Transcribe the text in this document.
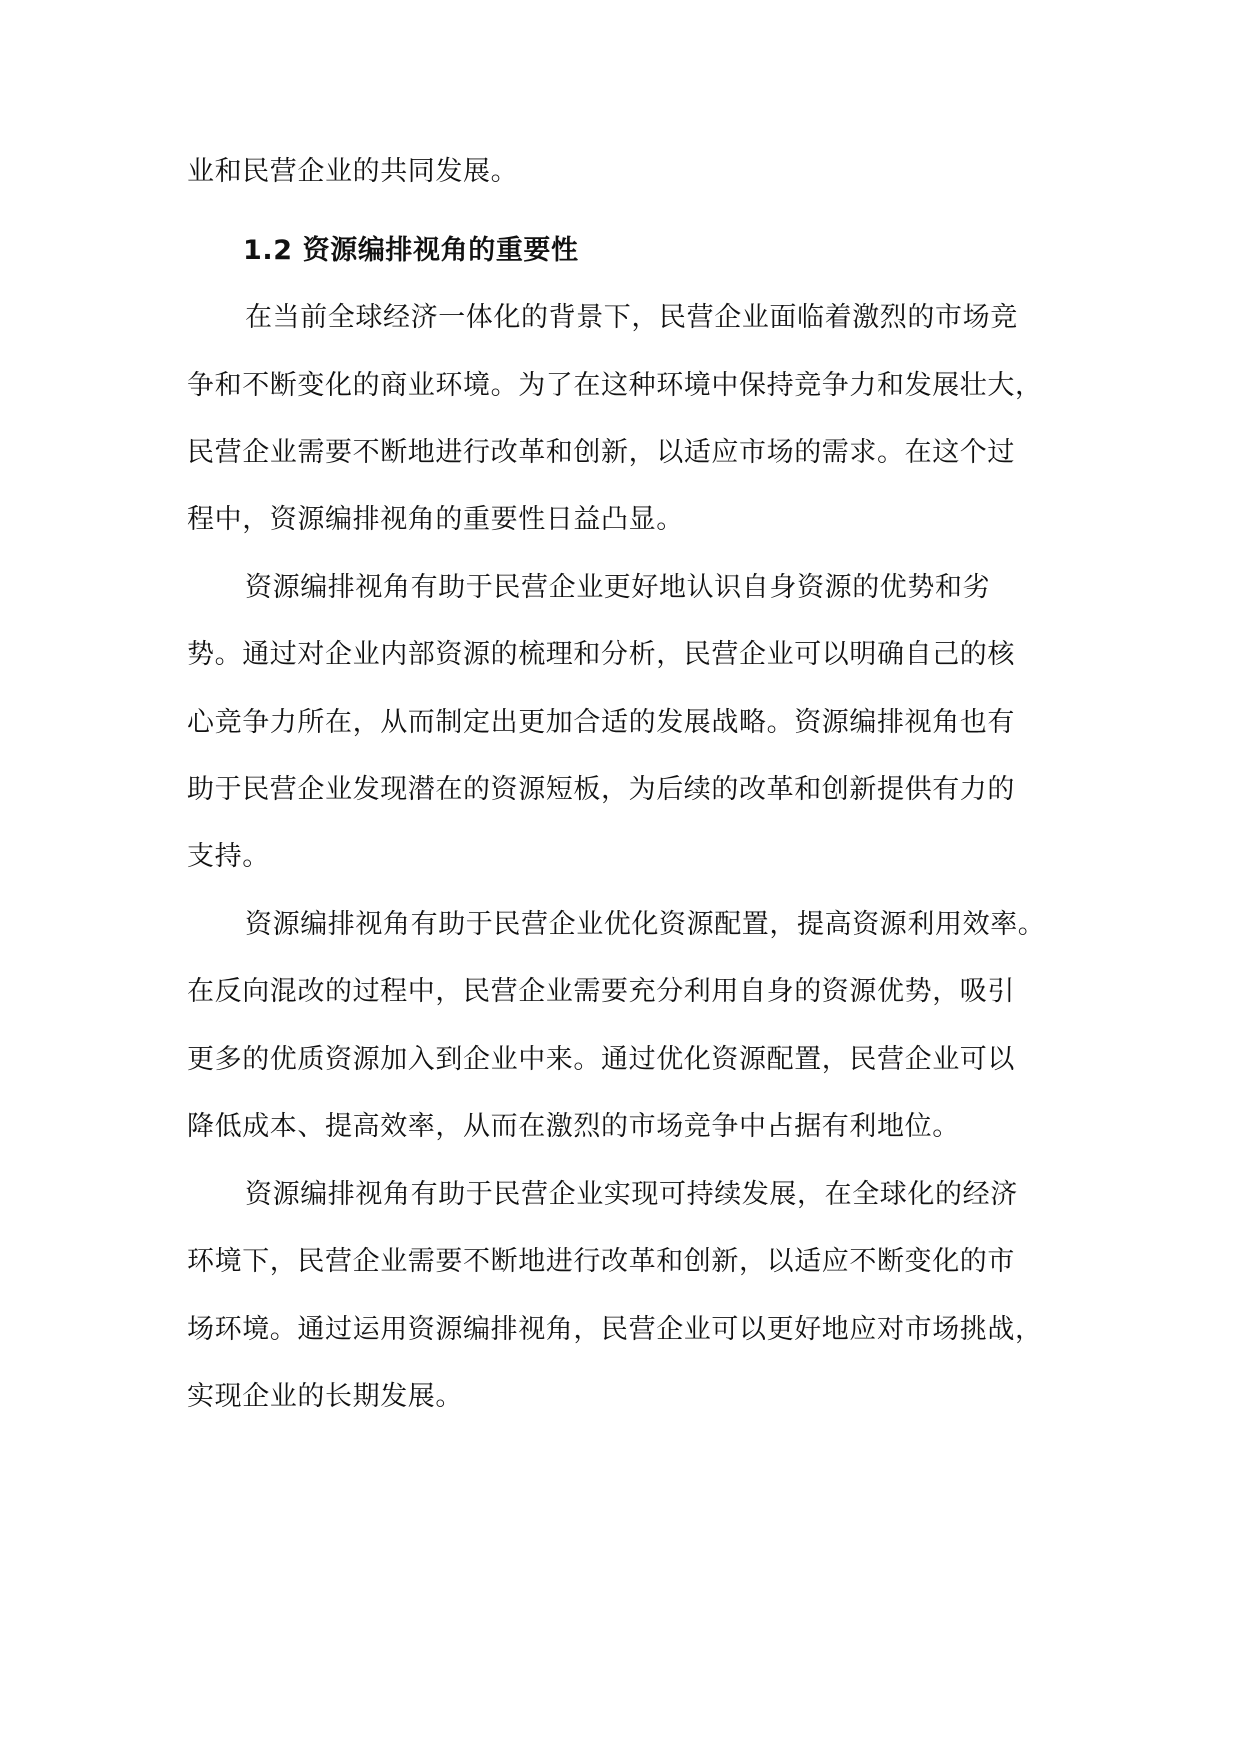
业和民营企业的共同发展。
1.2 资源编排视角的重要性
在当前全球经济一体化的背景下，民营企业面临着激烈的市场竞
争和不断变化的商业环境。为了在这种环境中保持竞争力和发展壮大，
民营企业需要不断地进行改革和创新，以适应市场的需求。在这个过
程中，资源编排视角的重要性日益凸显。
资源编排视角有助于民营企业更好地认识自身资源的优势和劣
势。通过对企业内部资源的梳理和分析，民营企业可以明确自己的核
心竞争力所在，从而制定出更加合适的发展战略。资源编排视角也有
助于民营企业发现潜在的资源短板，为后续的改革和创新提供有力的
支持。
资源编排视角有助于民营企业优化资源配置，提高资源利用效率。
在反向混改的过程中，民营企业需要充分利用自身的资源优势，吸引
更多的优质资源加入到企业中来。通过优化资源配置，民营企业可以
降低成本、提高效率，从而在激烈的市场竞争中占据有利地位。
资源编排视角有助于民营企业实现可持续发展，在全球化的经济
环境下，民营企业需要不断地进行改革和创新，以适应不断变化的市
场环境。通过运用资源编排视角，民营企业可以更好地应对市场挑战，
实现企业的长期发展。
